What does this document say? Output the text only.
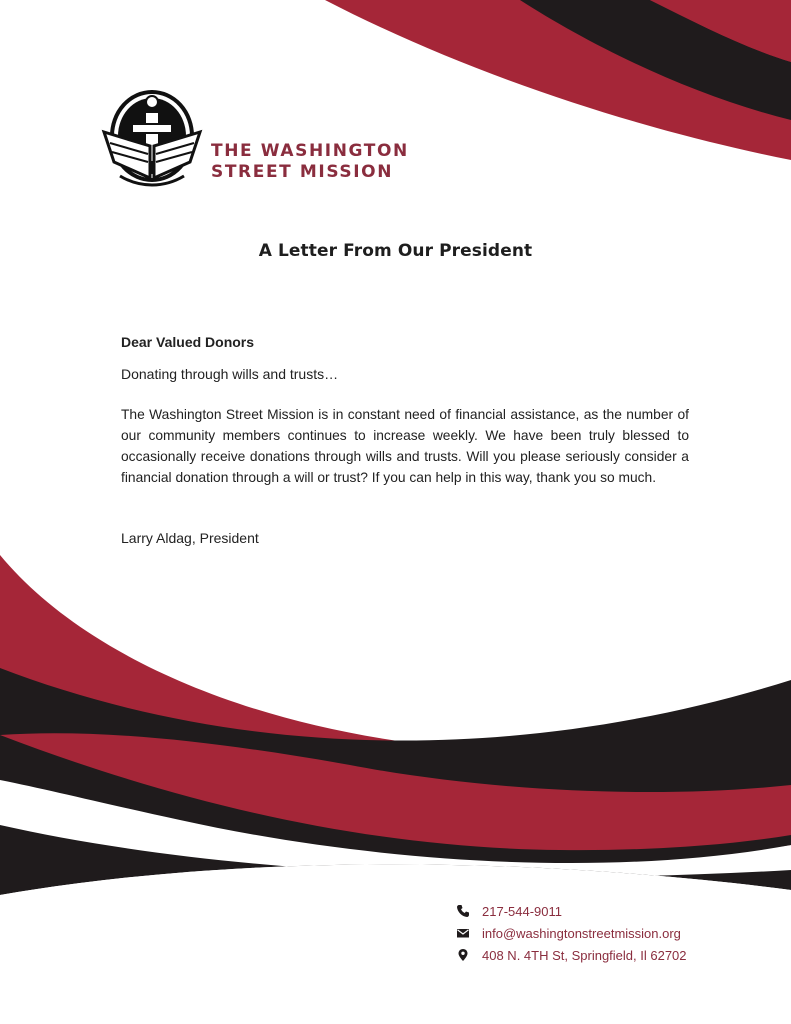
THE WASHINGTON
STREET MISSION
A Letter From Our President

Dear Valued Donors

Donating through wills and trusts…

The Washington Street Mission is in constant need of financial assistance, as the number of our community members continues to increase weekly. We have been truly blessed to occasionally receive donations through wills and trusts. Will you please seriously consider a financial donation through a will or trust? If you can help in this way, thank you so much.

Larry Aldag, President

217-544-9011
info@washingtonstreetmission.org
408 N. 4TH St, Springfield, Il 62702
